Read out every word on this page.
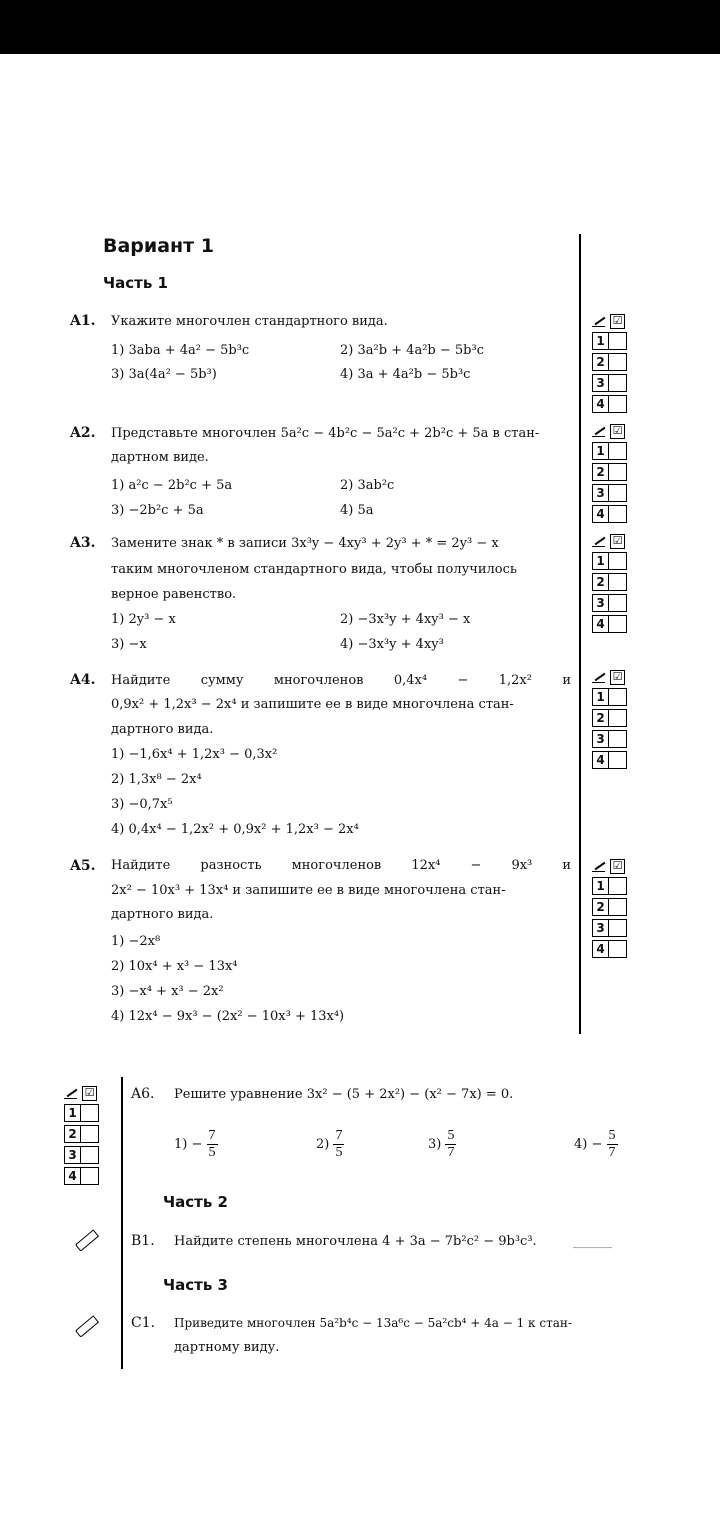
Вариант 1
Часть 1
A1. Укажите многочлен стандартного вида.
1) 3aba + 4a² − 5b³c	2) 3a²b + 4a²b − 5b³c
3) 3a(4a² − 5b³)	4) 3a + 4a²b − 5b³c
A2. Представьте многочлен 5a²c − 4b²c − 5a²c + 2b²c + 5a в стан-
дартном виде.
1) a²c − 2b²c + 5a	2) 3ab²c
3) −2b²c + 5a	4) 5a
A3. Замените знак * в записи 3x³y − 4xy³ + 2y³ + * = 2y³ − x
таким многочленом стандартного вида, чтобы получилось
верное равенство.
1) 2y³ − x	2) −3x³y + 4xy³ − x
3) −x	4) −3x³y + 4xy³
A4. Найдите сумму многочленов 0,4x⁴ − 1,2x² и
0,9x² + 1,2x³ − 2x⁴ и запишите ее в виде многочлена стан-
дартного вида.
1) −1,6x⁴ + 1,2x³ − 0,3x²
2) 1,3x⁸ − 2x⁴
3) −0,7x⁵
4) 0,4x⁴ − 1,2x² + 0,9x² + 1,2x³ − 2x⁴
A5. Найдите разность многочленов 12x⁴ − 9x³ и
2x² − 10x³ + 13x⁴ и запишите ее в виде многочлена стан-
дартного вида.
1) −2x⁸
2) 10x⁴ + x³ − 13x⁴
3) −x⁴ + x³ − 2x²
4) 12x⁴ − 9x³ − (2x² − 10x³ + 13x⁴)
☑
1
2
3
4
☑
1
2
3
4
☑
1
2
3
4
☑
1
2
3
4
☑
1
2
3
4
☑
1
2
3
4
A6. Решите уравнение 3x² − (5 + 2x²) − (x² − 7x) = 0.
$1) - \frac{7}{5}$	$2) \frac{7}{5}$	$3) \frac{5}{7}$	$4) - \frac{5}{7}$
Часть 2
B1. Найдите степень многочлена 4 + 3a − 7b²c² − 9b³c³.	______
Часть 3
C1. Приведите многочлен 5a²b⁴c − 13a⁶c − 5a²cb⁴ + 4a − 1 к стан-
дартному виду.
